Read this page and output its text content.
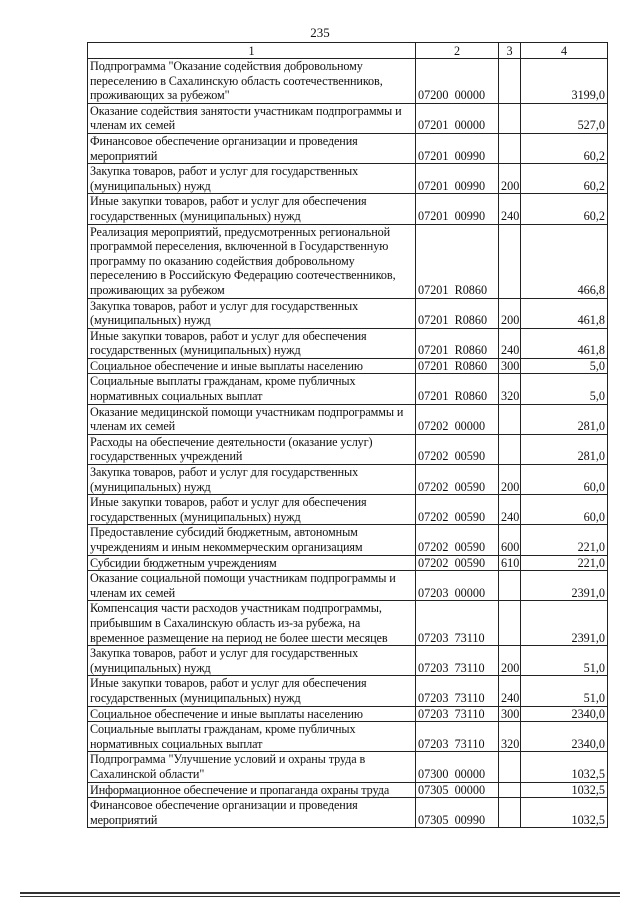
235
1	2	3	4
Подпрограмма "Оказание содействия добровольному переселению в Сахалинскую область соотечественников, проживающих за рубежом"	07200  00000		3199,0
Оказание содействия занятости участникам подпрограммы и членам их семей	07201  00000		527,0
Финансовое обеспечение организации и проведения мероприятий	07201  00990		60,2
Закупка товаров, работ и услуг для государственных (муниципальных) нужд	07201  00990	200	60,2
Иные закупки товаров, работ и услуг для обеспечения государственных (муниципальных) нужд	07201  00990	240	60,2
Реализация мероприятий, предусмотренных региональной программой переселения, включенной в Государственную программу по оказанию содействия добровольному переселению в Российскую Федерацию соотечественников, проживающих за рубежом	07201  R0860		466,8
Закупка товаров, работ и услуг для государственных (муниципальных) нужд	07201  R0860	200	461,8
Иные закупки товаров, работ и услуг для обеспечения государственных (муниципальных) нужд	07201  R0860	240	461,8
Социальное обеспечение и иные выплаты населению	07201  R0860	300	5,0
Социальные выплаты гражданам, кроме публичных нормативных социальных выплат	07201  R0860	320	5,0
Оказание медицинской помощи участникам подпрограммы и членам их семей	07202  00000		281,0
Расходы на обеспечение деятельности (оказание услуг) государственных учреждений	07202  00590		281,0
Закупка товаров, работ и услуг для государственных (муниципальных) нужд	07202  00590	200	60,0
Иные закупки товаров, работ и услуг для обеспечения государственных (муниципальных) нужд	07202  00590	240	60,0
Предоставление субсидий бюджетным, автономным учреждениям и иным некоммерческим организациям	07202  00590	600	221,0
Субсидии бюджетным учреждениям	07202  00590	610	221,0
Оказание социальной помощи участникам подпрограммы и членам их семей	07203  00000		2391,0
Компенсация части расходов участникам подпрограммы, прибывшим в Сахалинскую область из-за рубежа, на временное размещение на период не более шести месяцев	07203  73110		2391,0
Закупка товаров, работ и услуг для государственных (муниципальных) нужд	07203  73110	200	51,0
Иные закупки товаров, работ и услуг для обеспечения государственных (муниципальных) нужд	07203  73110	240	51,0
Социальное обеспечение и иные выплаты населению	07203  73110	300	2340,0
Социальные выплаты гражданам, кроме публичных нормативных социальных выплат	07203  73110	320	2340,0
Подпрограмма "Улучшение условий и охраны труда в Сахалинской области"	07300  00000		1032,5
Информационное обеспечение и пропаганда охраны труда	07305  00000		1032,5
Финансовое обеспечение организации и проведения мероприятий	07305  00990		1032,5
